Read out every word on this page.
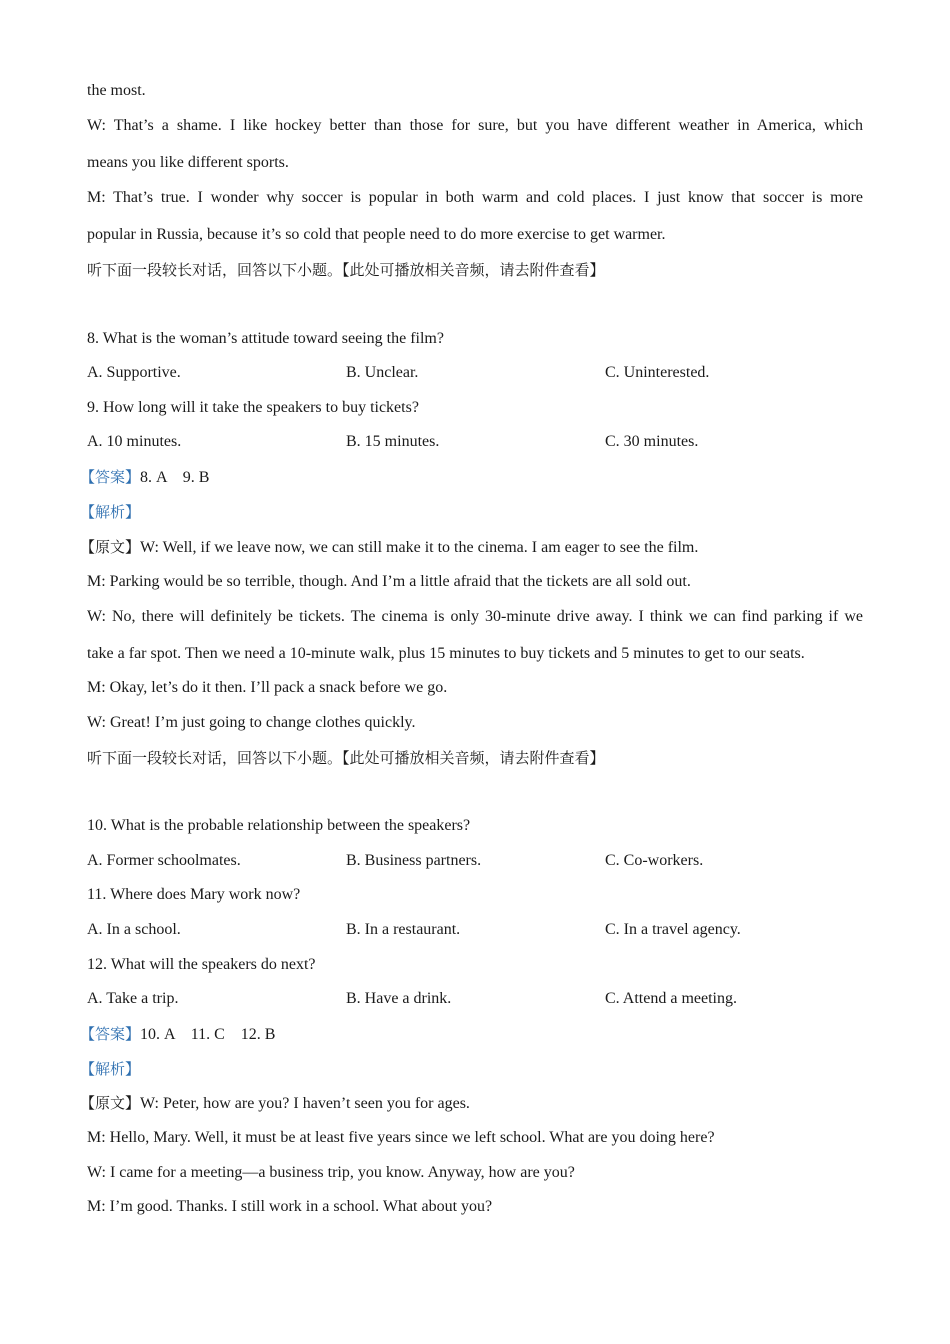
the most.
W: That’s a shame. I like hockey better than those for sure, but you have different weather in America, which
means you like different sports.
M: That’s true. I wonder why soccer is popular in both warm and cold places. I just know that soccer is more
popular in Russia, because it’s so cold that people need to do more exercise to get warmer.
听下面一段较长对话，回答以下小题。【此处可播放相关音频，请去附件查看】
8. What is the woman’s attitude toward seeing the film?
A. Supportive.	B. Unclear.	C. Uninterested.
9. How long will it take the speakers to buy tickets?
A. 10 minutes.	B. 15 minutes.	C. 30 minutes.
【答案】8. A    9. B
【解析】
【原文】W: Well, if we leave now, we can still make it to the cinema. I am eager to see the film.
M: Parking would be so terrible, though. And I’m a little afraid that the tickets are all sold out.
W: No, there will definitely be tickets. The cinema is only 30-minute drive away. I think we can find parking if we
take a far spot. Then we need a 10-minute walk, plus 15 minutes to buy tickets and 5 minutes to get to our seats.
M: Okay, let’s do it then. I’ll pack a snack before we go.
W: Great! I’m just going to change clothes quickly.
听下面一段较长对话，回答以下小题。【此处可播放相关音频，请去附件查看】
10. What is the probable relationship between the speakers?
A. Former schoolmates.	B. Business partners.	C. Co-workers.
11. Where does Mary work now?
A. In a school.	B. In a restaurant.	C. In a travel agency.
12. What will the speakers do next?
A. Take a trip.	B. Have a drink.	C. Attend a meeting.
【答案】10. A    11. C    12. B
【解析】
【原文】W: Peter, how are you? I haven’t seen you for ages.
M: Hello, Mary. Well, it must be at least five years since we left school. What are you doing here?
W: I came for a meeting—a business trip, you know. Anyway, how are you?
M: I’m good. Thanks. I still work in a school. What about you?
